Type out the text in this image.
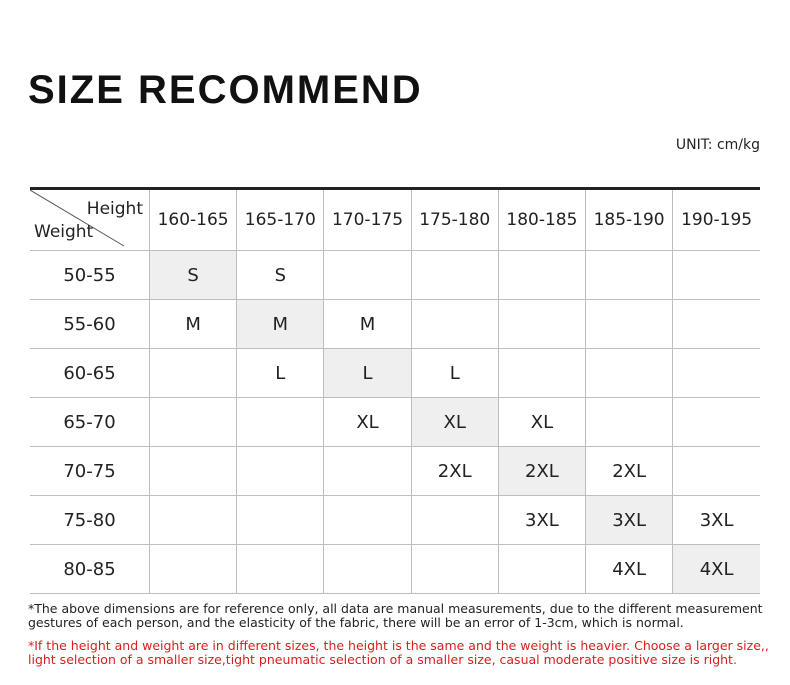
SIZE RECOMMEND
UNIT: cm/kg
Height
Weight	160-165	165-170	170-175	175-180	180-185	185-190	190-195
50-55	S	S					
55-60	M	M	M				
60-65		L	L	L			
65-70			XL	XL	XL		
70-75				2XL	2XL	2XL	
75-80					3XL	3XL	3XL
80-85						4XL	4XL

*The above dimensions are for reference only, all data are manual measurements, due to the different measurement gestures of each person, and the elasticity of the fabric, there will be an error of 1-3cm, which is normal.

*If the height and weight are in different sizes, the height is the same and the weight is heavier. Choose a larger size,, light selection of a smaller size,tight pneumatic selection of a smaller size, casual moderate positive size is right.
